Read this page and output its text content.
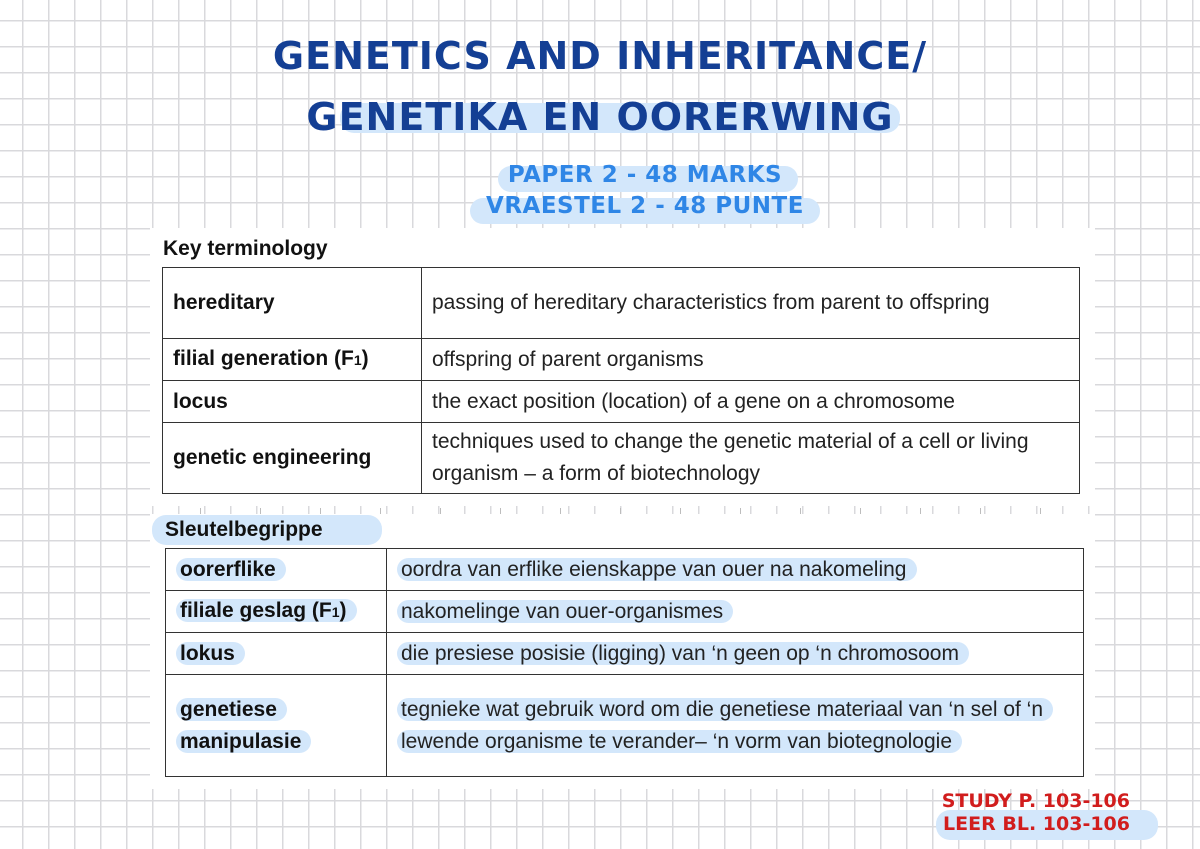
GENETICS AND INHERITANCE/
GENETIKA EN OORERWING
PAPER 2 - 48 MARKS
VRAESTEL 2 - 48 PUNTE
Key terminology
hereditary	passing of hereditary characteristics from parent to offspring
filial generation (F1)	offspring of parent organisms
locus	the exact position (location) of a gene on a chromosome
genetic engineering	techniques used to change the genetic material of a cell or living organism – a form of biotechnology
Sleutelbegrippe
oorerflike	oordra van erflike eienskappe van ouer na nakomeling
filiale geslag (F1)	nakomelinge van ouer-organismes
lokus	die presiese posisie (ligging) van ‘n geen op ‘n chromosoom
genetiese manipulasie	tegnieke wat gebruik word om die genetiese materiaal van ‘n sel of ‘n lewende organisme te verander– ‘n vorm van biotegnologie
STUDY P. 103-106
LEER BL. 103-106
